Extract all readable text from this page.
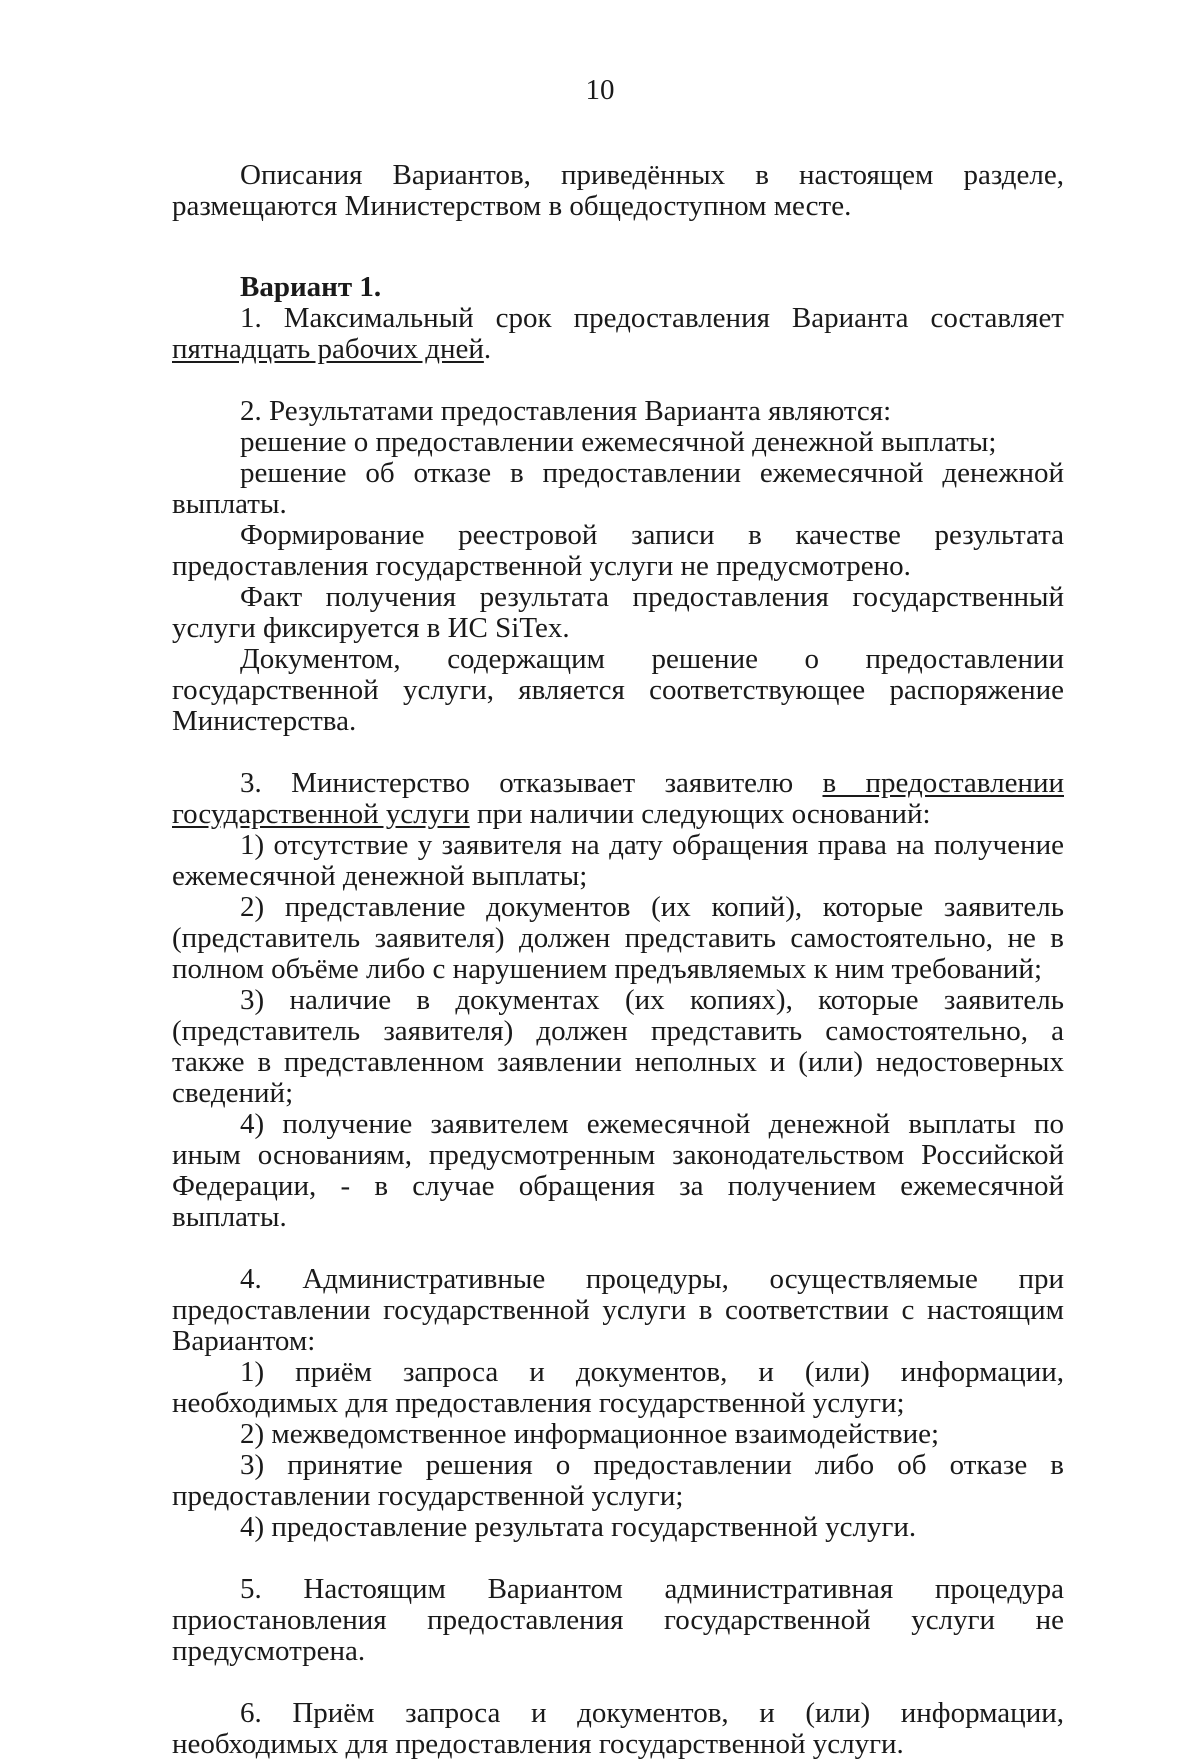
10

Описания Вариантов, приведённых в настоящем разделе, размещаются Министерством в общедоступном месте.

Вариант 1.

1. Максимальный срок предоставления Варианта составляет пятнадцать рабочих дней.

2. Результатами предоставления Варианта являются:

решение о предоставлении ежемесячной денежной выплаты;

решение об отказе в предоставлении ежемесячной денежной выплаты.

Формирование реестровой записи в качестве результата предоставления государственной услуги не предусмотрено.

Факт получения результата предоставления государственный услуги фиксируется в ИС SiTex.

Документом, содержащим решение о предоставлении государственной услуги, является соответствующее распоряжение Министерства.

3. Министерство отказывает заявителю в предоставлении государственной услуги при наличии следующих оснований:

1) отсутствие у заявителя на дату обращения права на получение ежемесячной денежной выплаты;

2) представление документов (их копий), которые заявитель (представитель заявителя) должен представить самостоятельно, не в полном объёме либо с нарушением предъявляемых к ним требований;

3) наличие в документах (их копиях), которые заявитель (представитель заявителя) должен представить самостоятельно, а также в представленном заявлении неполных и (или) недостоверных сведений;

4) получение заявителем ежемесячной денежной выплаты по иным основаниям, предусмотренным законодательством Российской Федерации, - в случае обращения за получением ежемесячной выплаты.

4. Административные процедуры, осуществляемые при предоставлении государственной услуги в соответствии с настоящим Вариантом:

1) приём запроса и документов, и (или) информации, необходимых для предоставления государственной услуги;

2) межведомственное информационное взаимодействие;

3) принятие решения о предоставлении либо об отказе в предоставлении государственной услуги;

4) предоставление результата государственной услуги.

5. Настоящим Вариантом административная процедура приостановления предоставления государственной услуги не предусмотрена.

6. Приём запроса и документов, и (или) информации, необходимых для предоставления государственной услуги.
